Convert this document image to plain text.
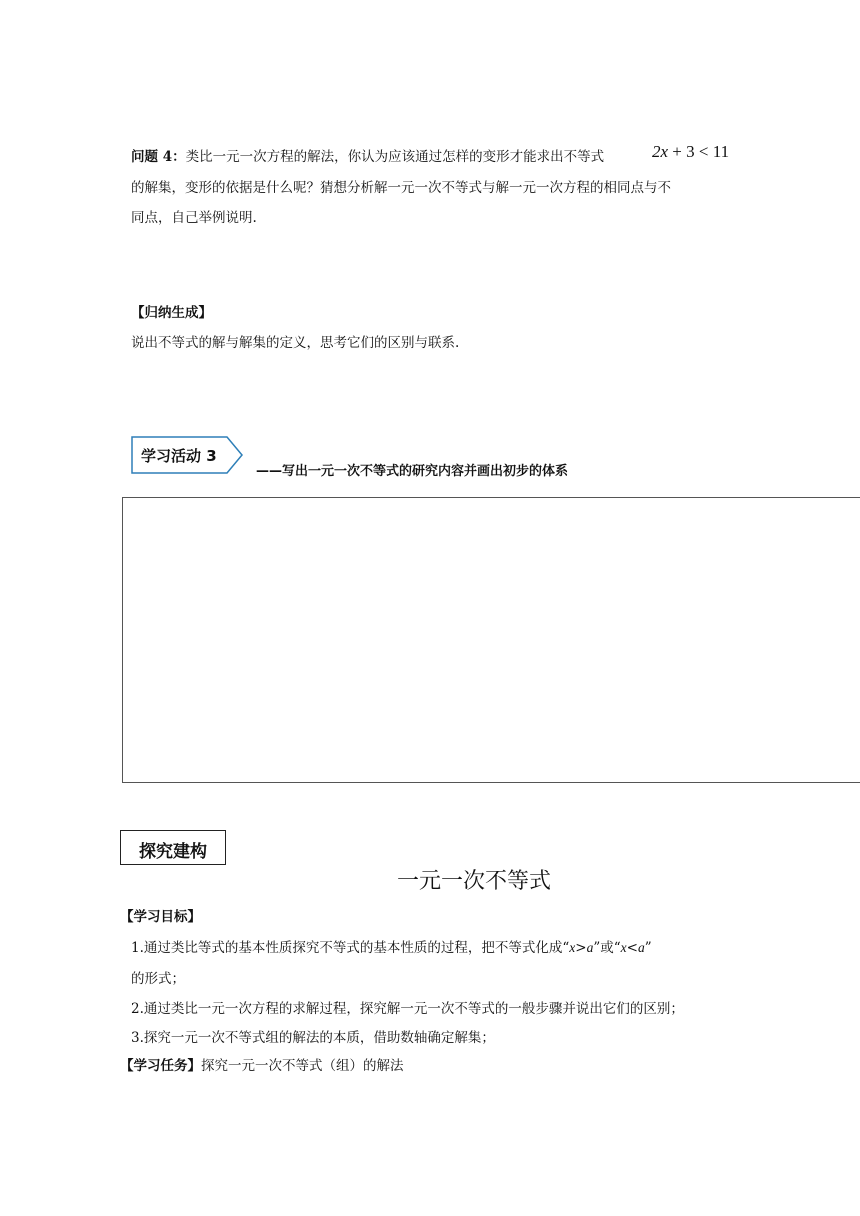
问题 4：类比一元一次方程的解法，你认为应该通过怎样的变形才能求出不等式	2x + 3 < 11
的解集，变形的依据是什么呢？猜想分析解一元一次不等式与解一元一次方程的相同点与不
同点，自己举例说明.
【归纳生成】
说出不等式的解与解集的定义，思考它们的区别与联系.
学习活动 3
——写出一元一次不等式的研究内容并画出初步的体系
探究建构
一元一次不等式
【学习目标】
1.通过类比等式的基本性质探究不等式的基本性质的过程，把不等式化成“x>a”或“x<a”
的形式；
2.通过类比一元一次方程的求解过程，探究解一元一次不等式的一般步骤并说出它们的区别；
3.探究一元一次不等式组的解法的本质，借助数轴确定解集；
【学习任务】探究一元一次不等式（组）的解法
